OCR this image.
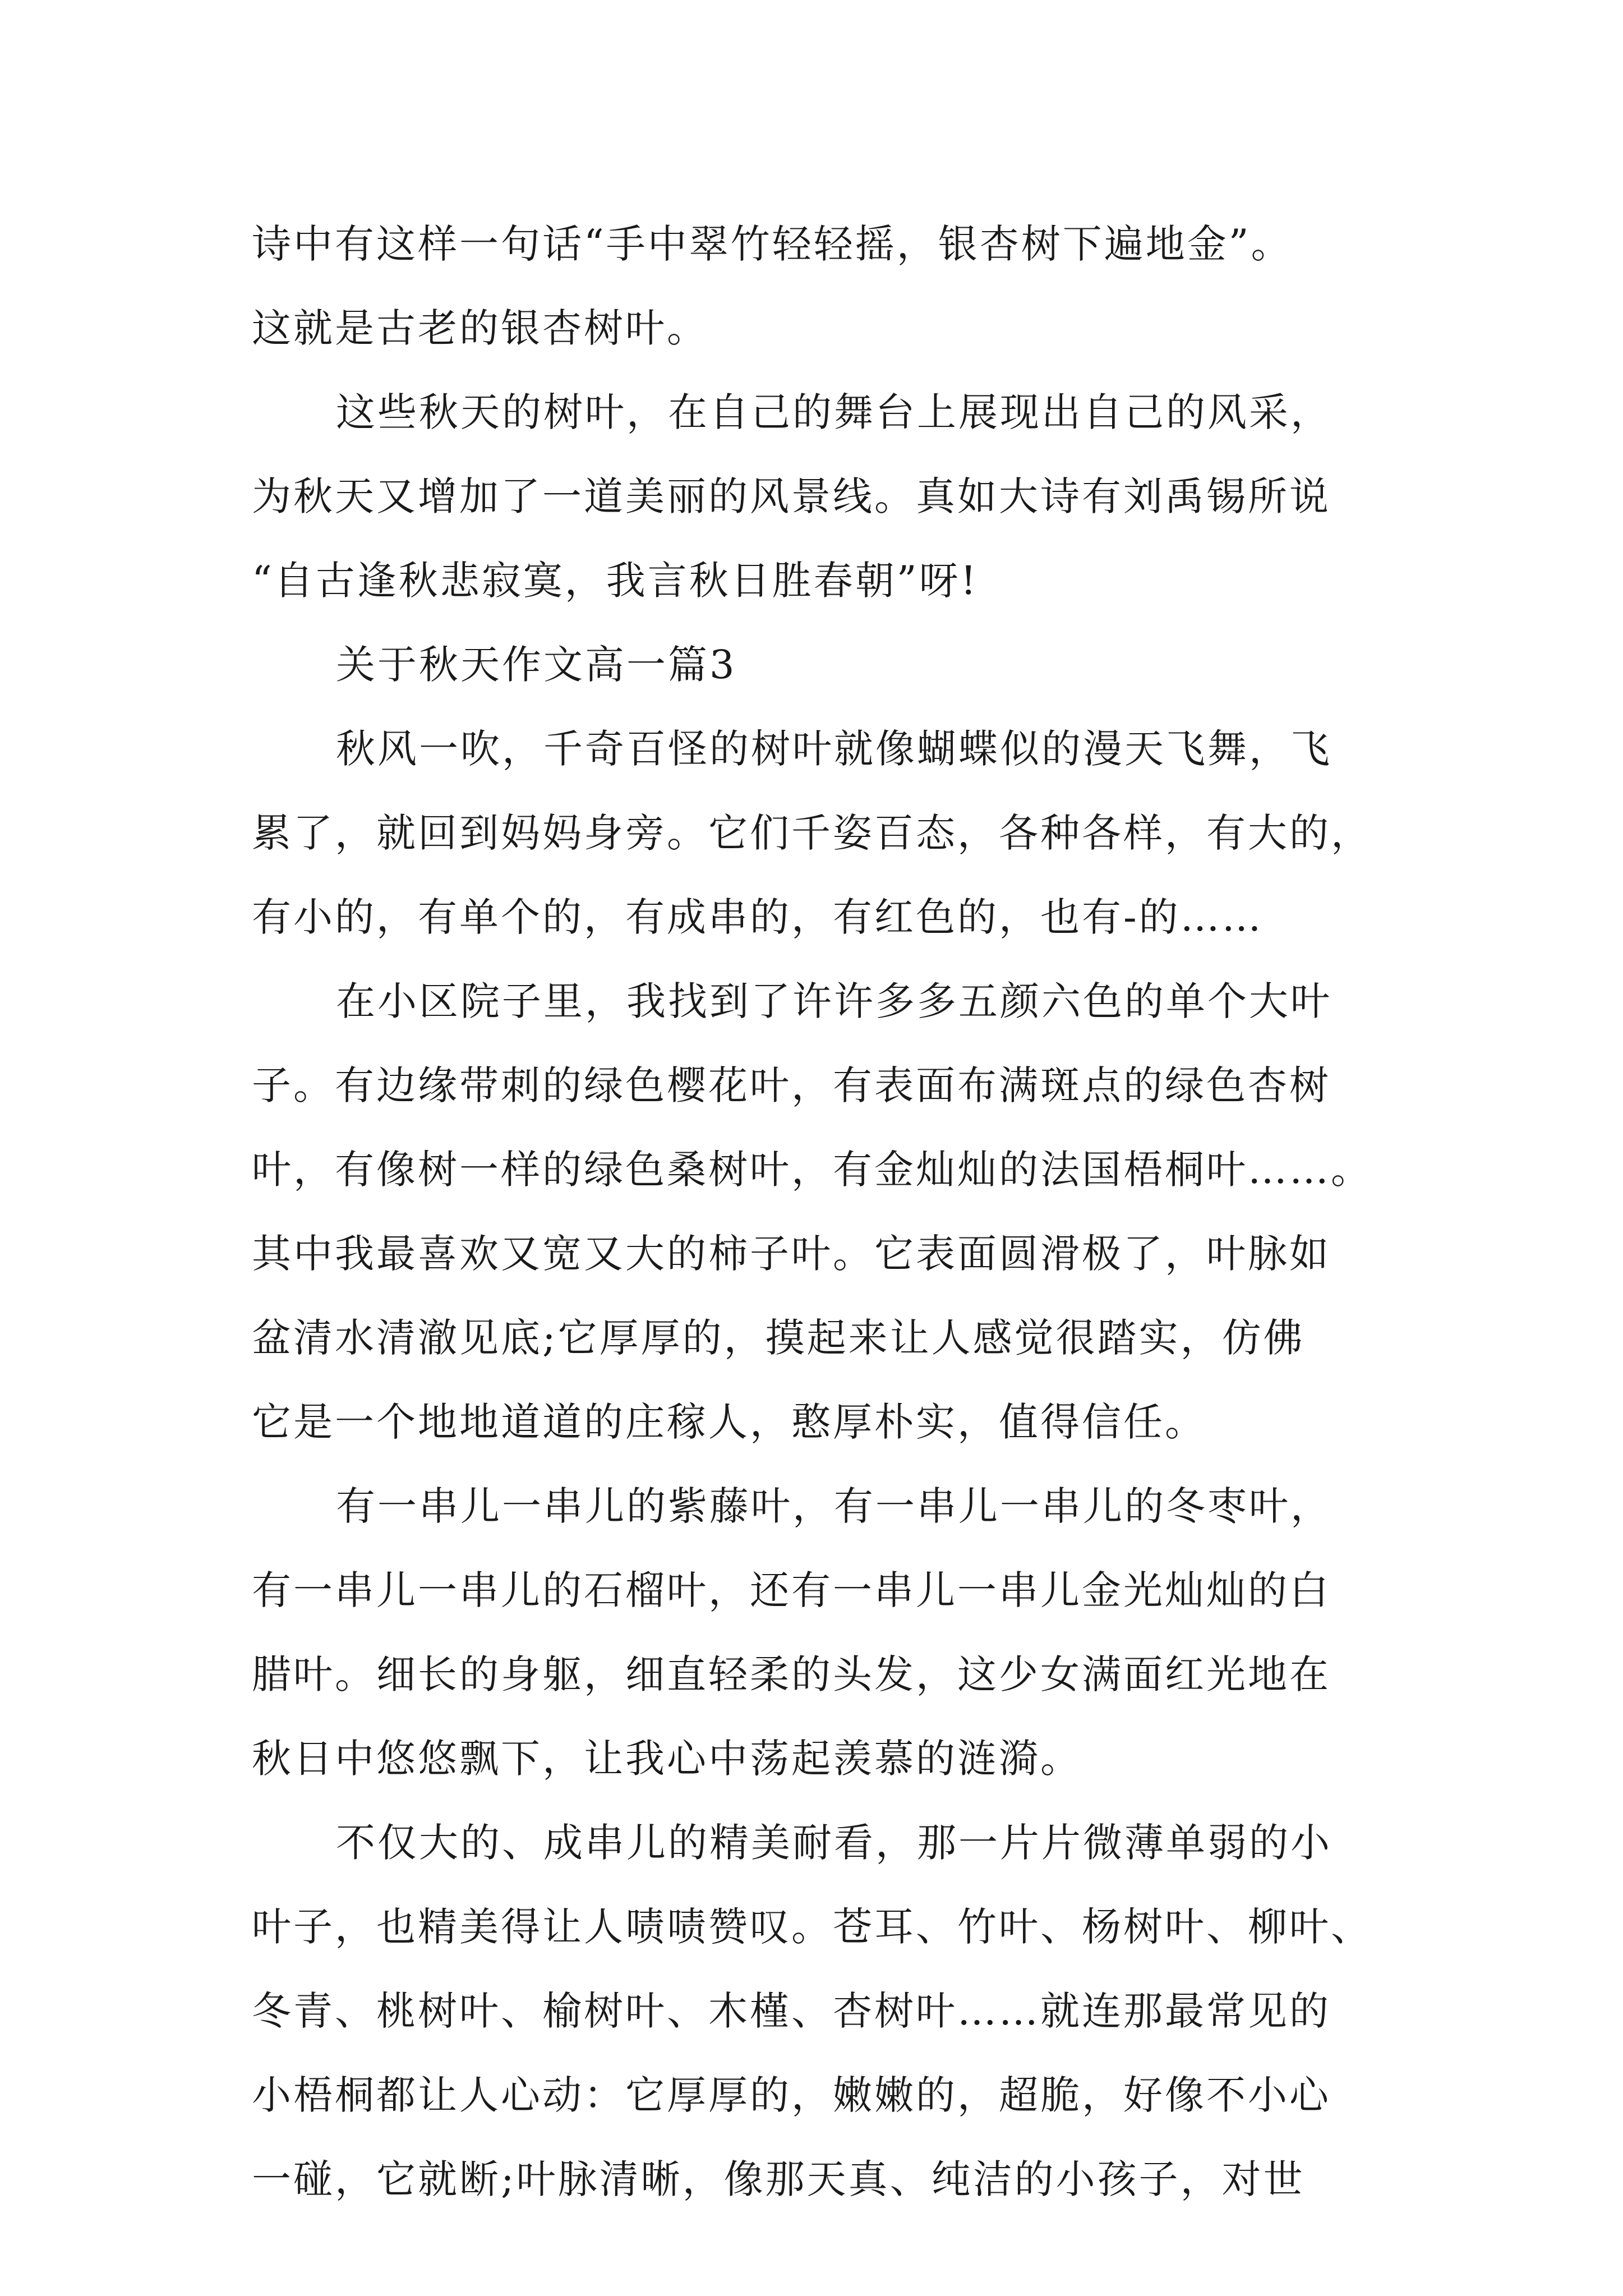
诗中有这样一句话“手中翠竹轻轻摇，银杏树下遍地金”。
这就是古老的银杏树叶。
这些秋天的树叶，在自己的舞台上展现出自己的风采，
为秋天又增加了一道美丽的风景线。真如大诗有刘禹锡所说
“自古逢秋悲寂寞，我言秋日胜春朝”呀!
关于秋天作文高一篇3
秋风一吹，千奇百怪的树叶就像蝴蝶似的漫天飞舞，飞
累了，就回到妈妈身旁。它们千姿百态，各种各样，有大的，
有小的，有单个的，有成串的，有红色的，也有-的……
在小区院子里，我找到了许许多多五颜六色的单个大叶
子。有边缘带刺的绿色樱花叶，有表面布满斑点的绿色杏树
叶，有像树一样的绿色桑树叶，有金灿灿的法国梧桐叶……。
其中我最喜欢又宽又大的柿子叶。它表面圆滑极了，叶脉如
盆清水清澈见底;它厚厚的，摸起来让人感觉很踏实，仿佛
它是一个地地道道的庄稼人，憨厚朴实，值得信任。
有一串儿一串儿的紫藤叶，有一串儿一串儿的冬枣叶，
有一串儿一串儿的石榴叶，还有一串儿一串儿金光灿灿的白
腊叶。细长的身躯，细直轻柔的头发，这少女满面红光地在
秋日中悠悠飘下，让我心中荡起羡慕的涟漪。
不仅大的、成串儿的精美耐看，那一片片微薄单弱的小
叶子，也精美得让人啧啧赞叹。苍耳、竹叶、杨树叶、柳叶、
冬青、桃树叶、榆树叶、木槿、杏树叶……就连那最常见的
小梧桐都让人心动：它厚厚的，嫩嫩的，超脆，好像不小心
一碰，它就断;叶脉清晰，像那天真、纯洁的小孩子，对世
